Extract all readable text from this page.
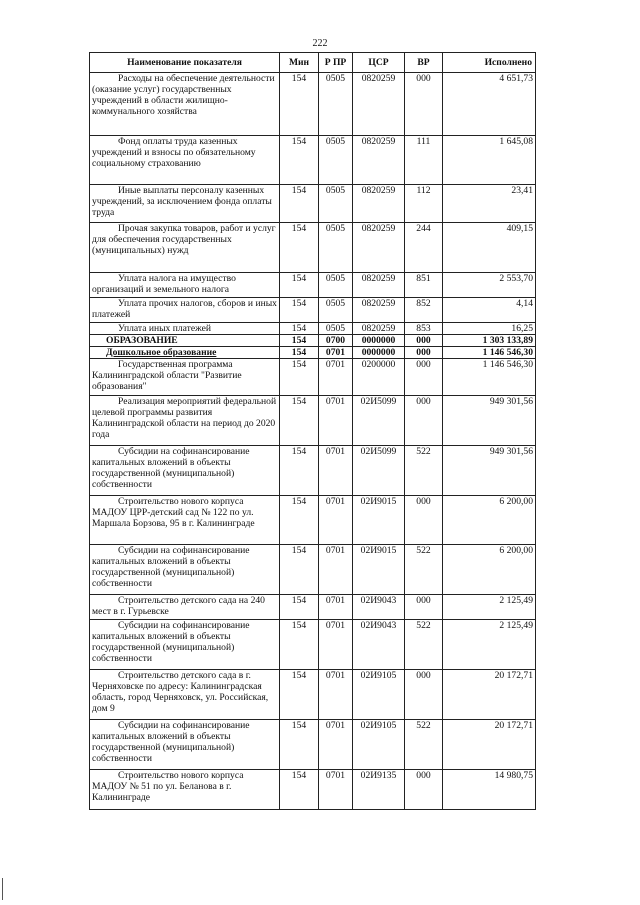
222
Наименование показателя	Мин	Р ПР	ЦСР	ВР	Исполнено
Расходы на обеспечение деятельности (оказание услуг) государственных учреждений в области жилищно-коммунального хозяйства	154	0505	0820259	000	4 651,73
Фонд оплаты труда казенных учреждений и взносы по обязательному социальному страхованию	154	0505	0820259	111	1 645,08
Иные выплаты персоналу казенных учреждений, за исключением фонда оплаты труда	154	0505	0820259	112	23,41
Прочая закупка товаров, работ и услуг для обеспечения государственных (муниципальных) нужд	154	0505	0820259	244	409,15
Уплата налога на имущество организаций и земельного налога	154	0505	0820259	851	2 553,70
Уплата прочих налогов, сборов и иных платежей	154	0505	0820259	852	4,14
Уплата иных платежей	154	0505	0820259	853	16,25
ОБРАЗОВАНИЕ	154	0700	0000000	000	1 303 133,89
Дошкольное образование	154	0701	0000000	000	1 146 546,30
Государственная программа Калининградской области "Развитие образования"	154	0701	0200000	000	1 146 546,30
Реализация мероприятий федеральной целевой программы развития Калининградской области на период до 2020 года	154	0701	02И5099	000	949 301,56
Субсидии на софинансирование капитальных вложений в объекты государственной (муниципальной) собственности	154	0701	02И5099	522	949 301,56
Строительство нового корпуса МАДОУ ЦРР-детский сад № 122 по ул. Маршала Борзова, 95 в г. Калининграде	154	0701	02И9015	000	6 200,00
Субсидии на софинансирование капитальных вложений в объекты государственной (муниципальной) собственности	154	0701	02И9015	522	6 200,00
Строительство детского сада на 240 мест в г. Гурьевске	154	0701	02И9043	000	2 125,49
Субсидии на софинансирование капитальных вложений в объекты государственной (муниципальной) собственности	154	0701	02И9043	522	2 125,49
Строительство детского сада в г. Черняховске по адресу: Калининградская область, город Черняховск, ул. Российская, дом 9	154	0701	02И9105	000	20 172,71
Субсидии на софинансирование капитальных вложений в объекты государственной (муниципальной) собственности	154	0701	02И9105	522	20 172,71
Строительство нового корпуса МАДОУ № 51 по ул. Беланова в г. Калининграде	154	0701	02И9135	000	14 980,75
